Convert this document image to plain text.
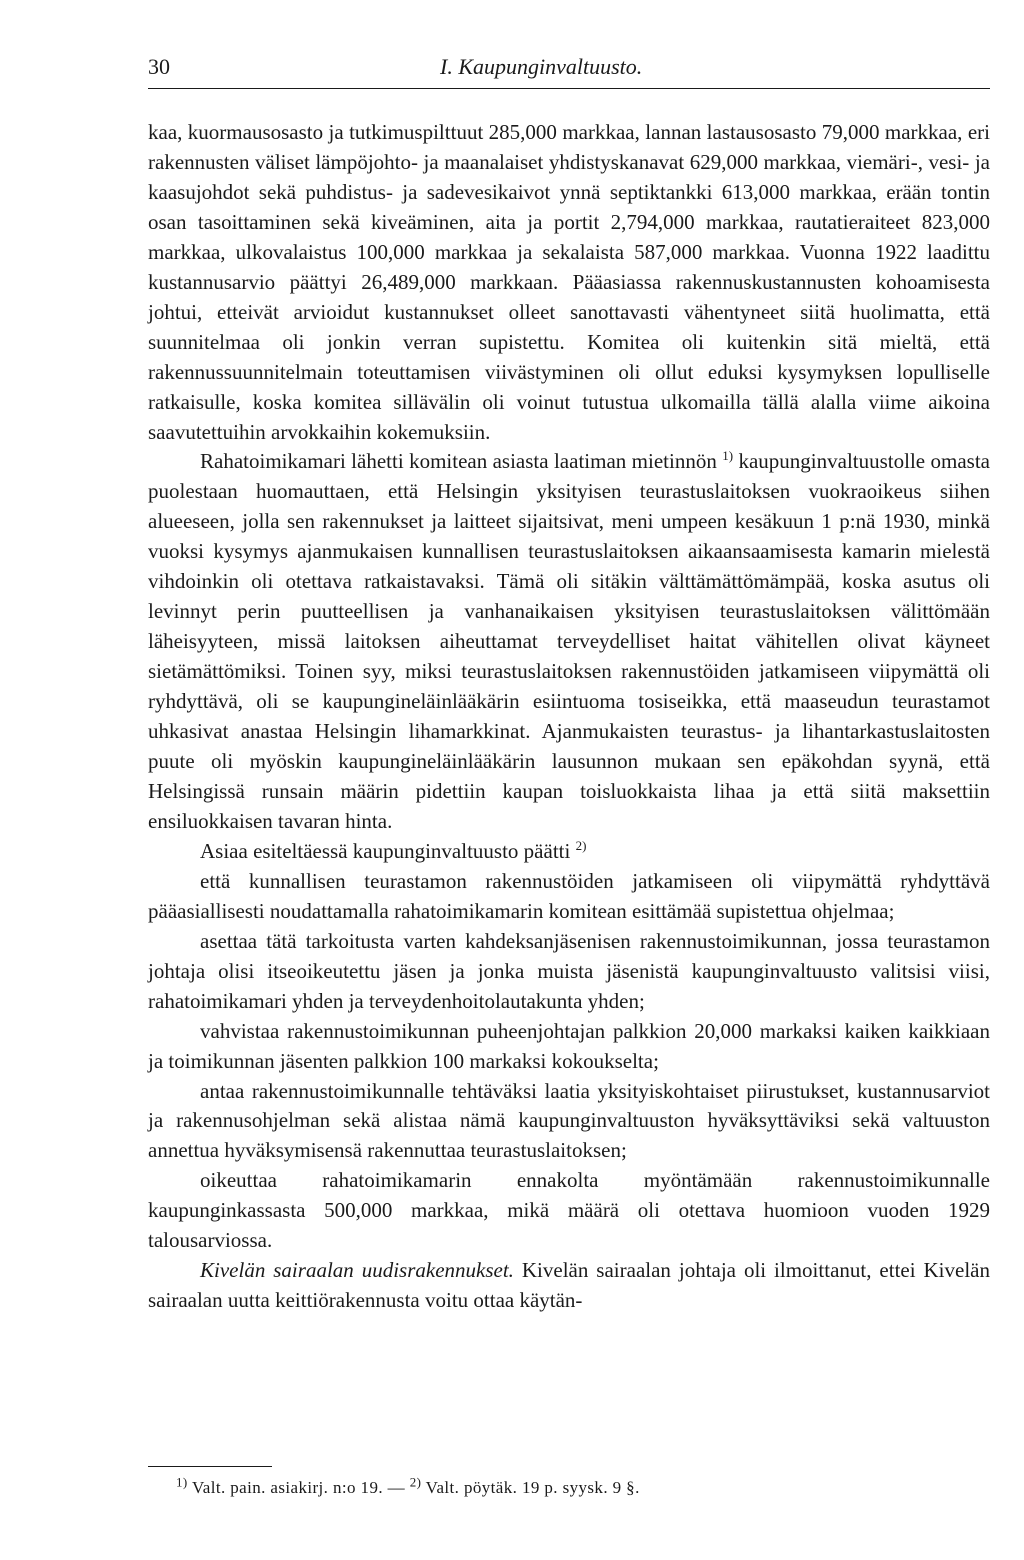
30	I. Kaupunginvaltuusto.

kaa, kuormausosasto ja tutkimuspilttuut 285,000 markkaa, lannan lastausosasto 79,000 markkaa, eri rakennusten väliset lämpöjohto- ja maanalaiset yhdistyskanavat 629,000 markkaa, viemäri-, vesi- ja kaasujohdot sekä puhdistus- ja sadevesikaivot ynnä septiktankki 613,000 markkaa, erään tontin osan tasoittaminen sekä kiveäminen, aita ja portit 2,794,000 markkaa, rautatieraiteet 823,000 markkaa, ulkovalaistus 100,000 markkaa ja sekalaista 587,000 markkaa. Vuonna 1922 laadittu kustannusarvio päättyi 26,489,000 markkaan. Pääasiassa rakennuskustannusten kohoamisesta johtui, etteivät arvioidut kustannukset olleet sanottavasti vähentyneet siitä huolimatta, että suunnitelmaa oli jonkin verran supistettu. Komitea oli kuitenkin sitä mieltä, että rakennussuunnitelmain toteuttamisen viivästyminen oli ollut eduksi kysymyksen lopulliselle ratkaisulle, koska komitea sillävälin oli voinut tutustua ulkomailla tällä alalla viime aikoina saavutettuihin arvokkaihin kokemuksiin.

Rahatoimikamari lähetti komitean asiasta laatiman mietinnön $^{1)}$ kaupunginvaltuustolle omasta puolestaan huomauttaen, että Helsingin yksityisen teurastuslaitoksen vuokraoikeus siihen alueeseen, jolla sen rakennukset ja laitteet sijaitsivat, meni umpeen kesäkuun 1 p:nä 1930, minkä vuoksi kysymys ajanmukaisen kunnallisen teurastuslaitoksen aikaansaamisesta kamarin mielestä vihdoinkin oli otettava ratkaistavaksi. Tämä oli sitäkin välttämättömämpää, koska asutus oli levinnyt perin puutteellisen ja vanhanaikaisen yksityisen teurastuslaitoksen välittömään läheisyyteen, missä laitoksen aiheuttamat terveydelliset haitat vähitellen olivat käyneet sietämättömiksi. Toinen syy, miksi teurastuslaitoksen rakennustöiden jatkamiseen viipymättä oli ryhdyttävä, oli se kaupungineläinlääkärin esiintuoma tosiseikka, että maaseudun teurastamot uhkasivat anastaa Helsingin lihamarkkinat. Ajanmukaisten teurastus- ja lihantarkastuslaitosten puute oli myöskin kaupungineläinlääkärin lausunnon mukaan sen epäkohdan syynä, että Helsingissä runsain määrin pidettiin kaupan toisluokkaista lihaa ja että siitä maksettiin ensiluokkaisen tavaran hinta.

Asiaa esiteltäessä kaupunginvaltuusto päätti $^{2)}$

että kunnallisen teurastamon rakennustöiden jatkamiseen oli viipymättä ryhdyttävä pääasiallisesti noudattamalla rahatoimikamarin komitean esittämää supistettua ohjelmaa;

asettaa tätä tarkoitusta varten kahdeksanjäsenisen rakennustoimikunnan, jossa teurastamon johtaja olisi itseoikeutettu jäsen ja jonka muista jäsenistä kaupunginvaltuusto valitsisi viisi, rahatoimikamari yhden ja terveydenhoitolautakunta yhden;

vahvistaa rakennustoimikunnan puheenjohtajan palkkion 20,000 markaksi kaiken kaikkiaan ja toimikunnan jäsenten palkkion 100 markaksi kokoukselta;

antaa rakennustoimikunnalle tehtäväksi laatia yksityiskohtaiset piirustukset, kustannusarviot ja rakennusohjelman sekä alistaa nämä kaupunginvaltuuston hyväksyttäviksi sekä valtuuston annettua hyväksymisensä rakennuttaa teurastuslaitoksen;

oikeuttaa rahatoimikamarin ennakolta myöntämään rakennustoimikunnalle kaupunginkassasta 500,000 markkaa, mikä määrä oli otettava huomioon vuoden 1929 talousarviossa.

Kivelän sairaalan uudisrakennukset. Kivelän sairaalan johtaja oli ilmoittanut, ettei Kivelän sairaalan uutta keittiörakennusta voitu ottaa käytän-

$^{1)}$ Valt. pain. asiakirj. n:o 19. — $^{2)}$ Valt. pöytäk. 19 p. syysk. 9 §.
